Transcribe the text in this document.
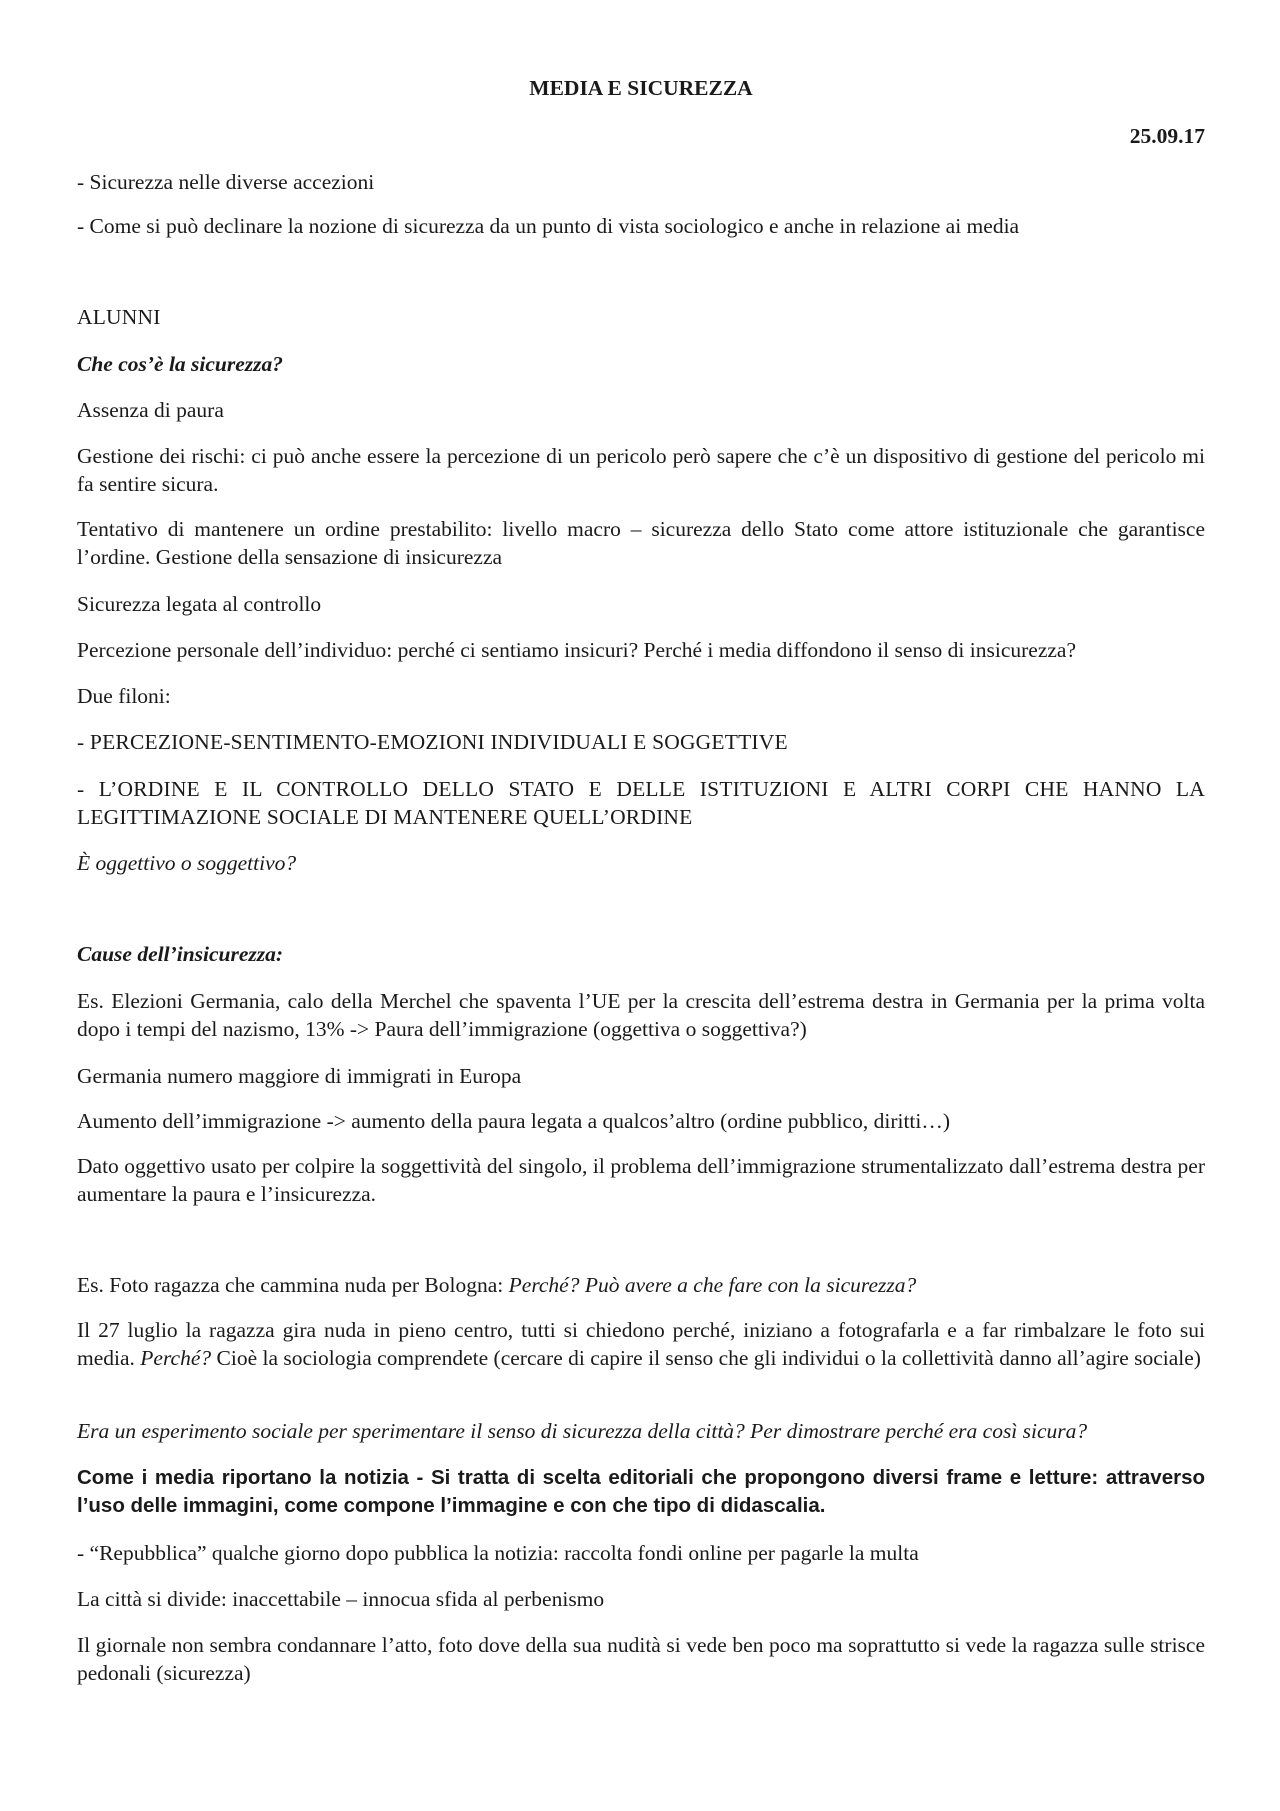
MEDIA E SICUREZZA
25.09.17

- Sicurezza nelle diverse accezioni

- Come si può declinare la nozione di sicurezza da un punto di vista sociologico e anche in relazione ai media

ALUNNI

Che cos’è la sicurezza?

Assenza di paura

Gestione dei rischi: ci può anche essere la percezione di un pericolo però sapere che c’è un dispositivo di gestione del pericolo mi fa sentire sicura.

Tentativo di mantenere un ordine prestabilito: livello macro – sicurezza dello Stato come attore istituzionale che garantisce l’ordine. Gestione della sensazione di insicurezza

Sicurezza legata al controllo

Percezione personale dell’individuo: perché ci sentiamo insicuri? Perché i media diffondono il senso di insicurezza?

Due filoni:

- PERCEZIONE-SENTIMENTO-EMOZIONI INDIVIDUALI E SOGGETTIVE

- L’ORDINE E IL CONTROLLO DELLO STATO E DELLE ISTITUZIONI E ALTRI CORPI CHE HANNO LA LEGITTIMAZIONE SOCIALE DI MANTENERE QUELL’ORDINE

È oggettivo o soggettivo?

Cause dell’insicurezza:

Es. Elezioni Germania, calo della Merchel che spaventa l’UE per la crescita dell’estrema destra in Germania per la prima volta dopo i tempi del nazismo, 13% -> Paura dell’immigrazione (oggettiva o soggettiva?)

Germania numero maggiore di immigrati in Europa

Aumento dell’immigrazione -> aumento della paura legata a qualcos’altro (ordine pubblico, diritti…)

Dato oggettivo usato per colpire la soggettività del singolo, il problema dell’immigrazione strumentalizzato dall’estrema destra per aumentare la paura e l’insicurezza.

Es. Foto ragazza che cammina nuda per Bologna: Perché? Può avere a che fare con la sicurezza?

Il 27 luglio la ragazza gira nuda in pieno centro, tutti si chiedono perché, iniziano a fotografarla e a far rimbalzare le foto sui media. Perché? Cioè la sociologia comprendete (cercare di capire il senso che gli individui o la collettività danno all’agire sociale)

Era un esperimento sociale per sperimentare il senso di sicurezza della città? Per dimostrare perché era così sicura?

Come i media riportano la notizia - Si tratta di scelta editoriali che propongono diversi frame e letture: attraverso l’uso delle immagini, come compone l’immagine e con che tipo di didascalia.

- “Repubblica” qualche giorno dopo pubblica la notizia: raccolta fondi online per pagarle la multa

La città si divide: inaccettabile – innocua sfida al perbenismo

Il giornale non sembra condannare l’atto, foto dove della sua nudità si vede ben poco ma soprattutto si vede la ragazza sulle strisce pedonali (sicurezza)
